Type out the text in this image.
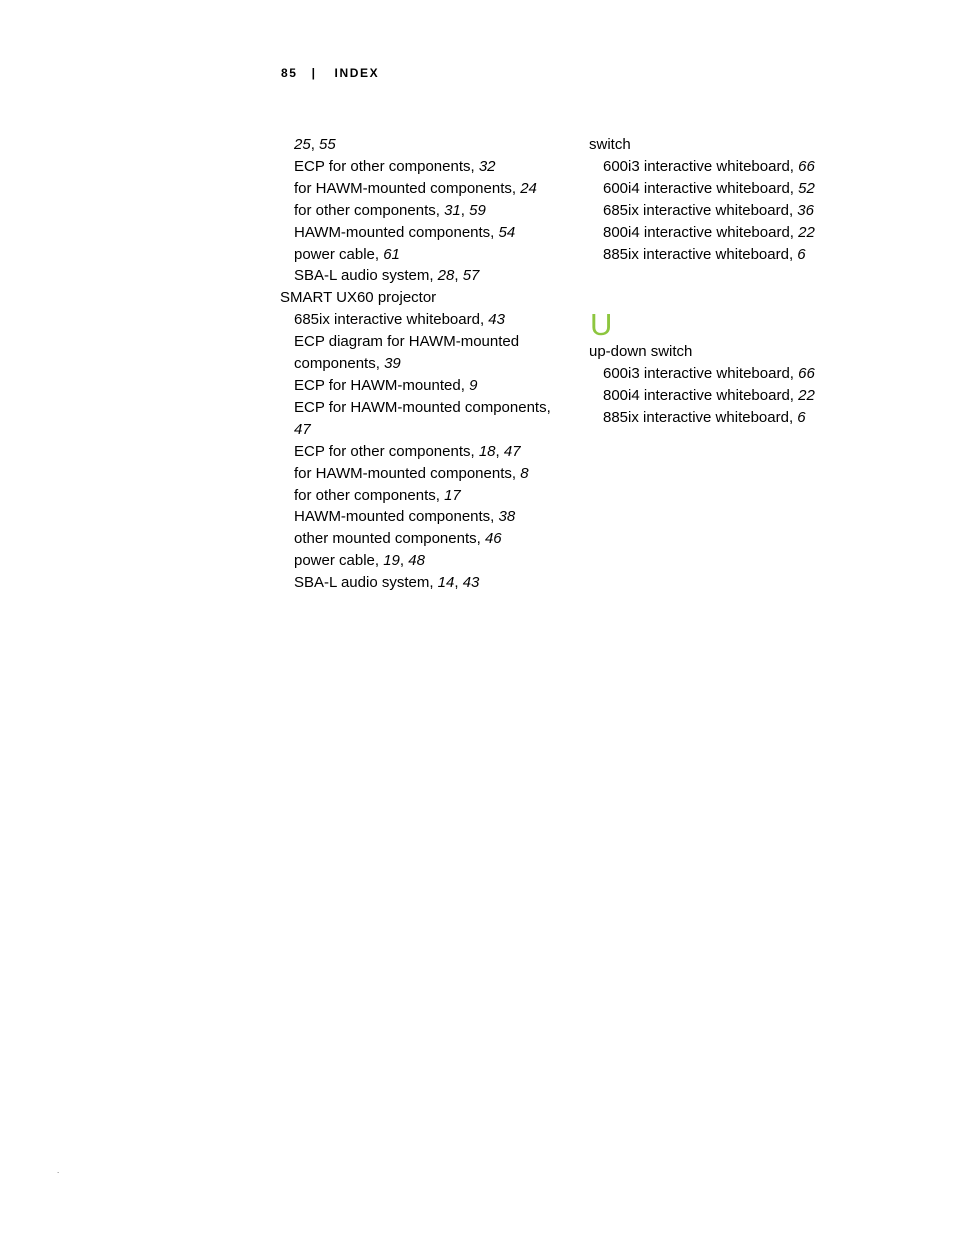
85 | INDEX
25, 55
ECP for other components, 32
for HAWM-mounted components, 24
for other components, 31, 59
HAWM-mounted components, 54
power cable, 61
SBA-L audio system, 28, 57
SMART UX60 projector
685ix interactive whiteboard, 43
ECP diagram for HAWM-mounted components, 39
ECP for HAWM-mounted, 9
ECP for HAWM-mounted components, 47
ECP for other components, 18, 47
for HAWM-mounted components, 8
for other components, 17
HAWM-mounted components, 38
other mounted components, 46
power cable, 19, 48
SBA-L audio system, 14, 43
switch
600i3 interactive whiteboard, 66
600i4 interactive whiteboard, 52
685ix interactive whiteboard, 36
800i4 interactive whiteboard, 22
885ix interactive whiteboard, 6
U
up-down switch
600i3 interactive whiteboard, 66
800i4 interactive whiteboard, 22
885ix interactive whiteboard, 6
.
